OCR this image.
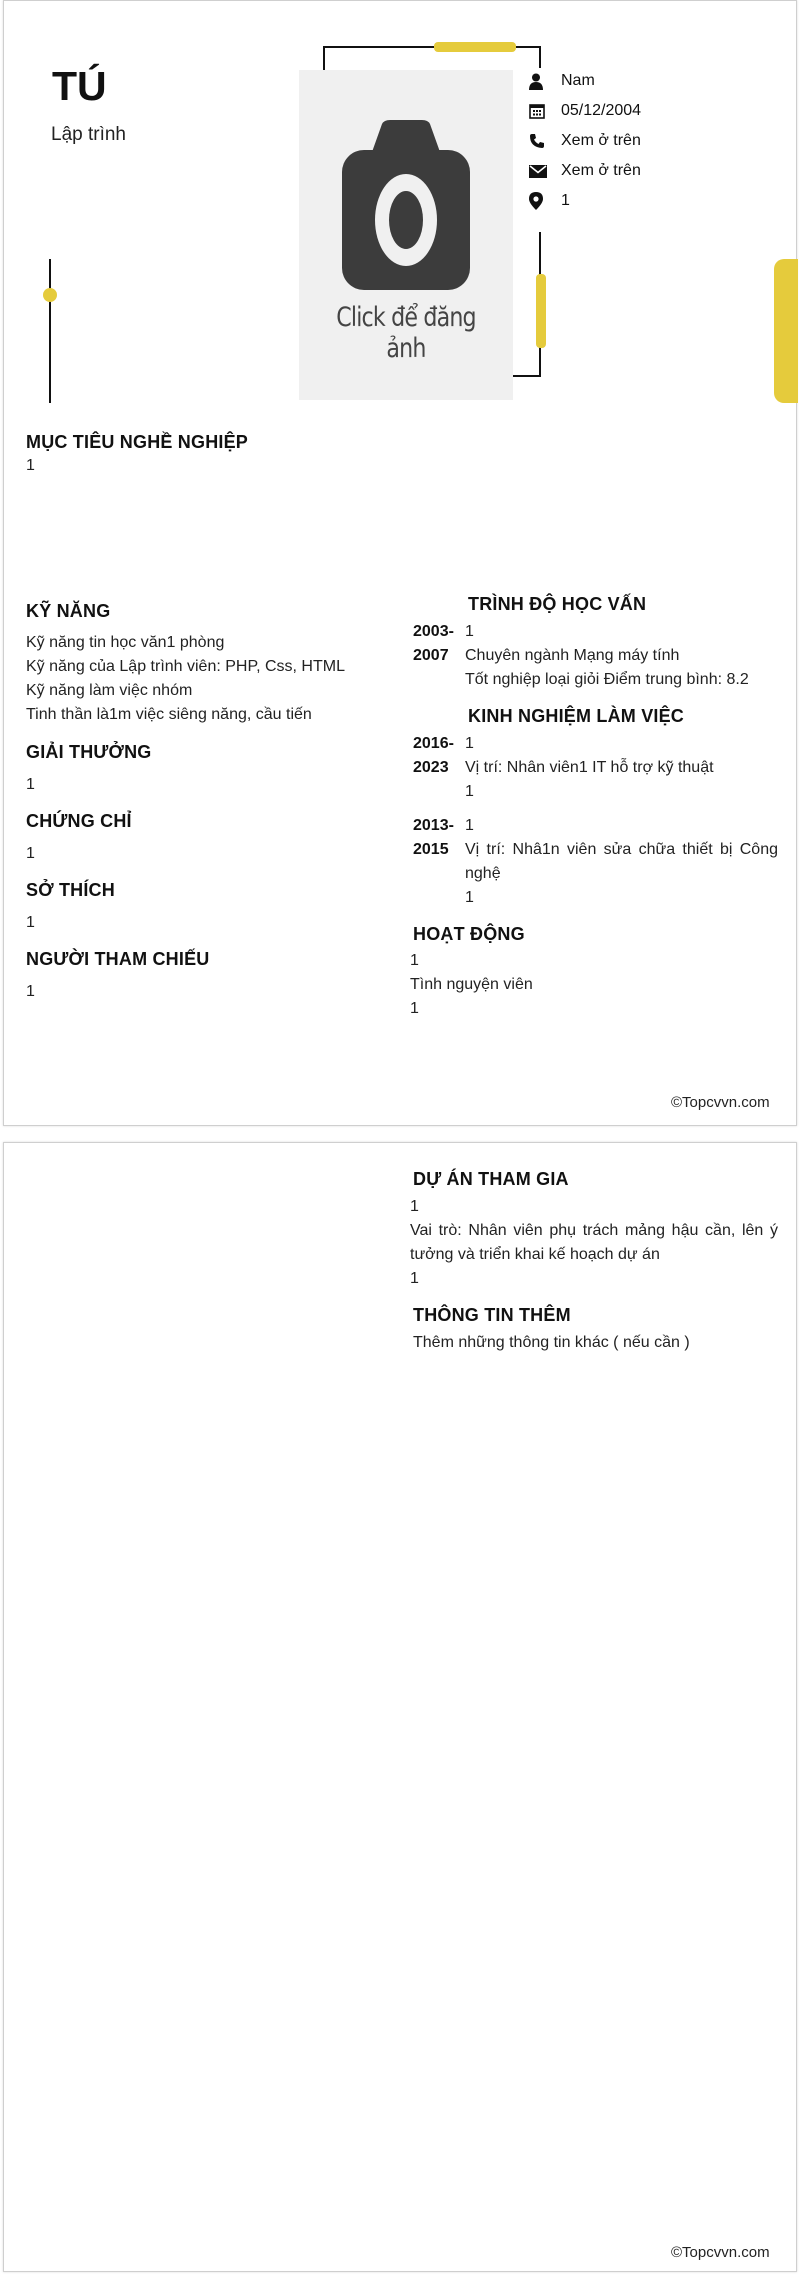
TÚ
Lập trình
Click để đăng ảnh
Nam
05/12/2004
Xem ở trên
Xem ở trên
1
MỤC TIÊU NGHỀ NGHIỆP
1
KỸ NĂNG
Kỹ năng tin học văn1 phòng
Kỹ năng của Lập trình viên: PHP, Css, HTML
Kỹ năng làm việc nhóm
Tinh thần là1m việc siêng năng, cầu tiến
GIẢI THƯỞNG
1
CHỨNG CHỈ
1
SỞ THÍCH
1
NGƯỜI THAM CHIẾU
1
TRÌNH ĐỘ HỌC VẤN
2003-
2007
1
Chuyên ngành Mạng máy tính
Tốt nghiệp loại giỏi Điểm trung bình: 8.2
KINH NGHIỆM LÀM VIỆC
2016-
2023
1
Vị trí: Nhân viên1 IT hỗ trợ kỹ thuật
1
2013-
2015
1
Vị trí: Nhâ1n viên sửa chữa thiết bị Công nghệ
1
HOẠT ĐỘNG
1
Tình nguyện viên
1
©Topcvvn.com
DỰ ÁN THAM GIA
1
Vai trò: Nhân viên phụ trách mảng hậu cần, lên ý tưởng và triển khai kế hoạch dự án
1
THÔNG TIN THÊM
Thêm những thông tin khác ( nếu cần )
©Topcvvn.com
